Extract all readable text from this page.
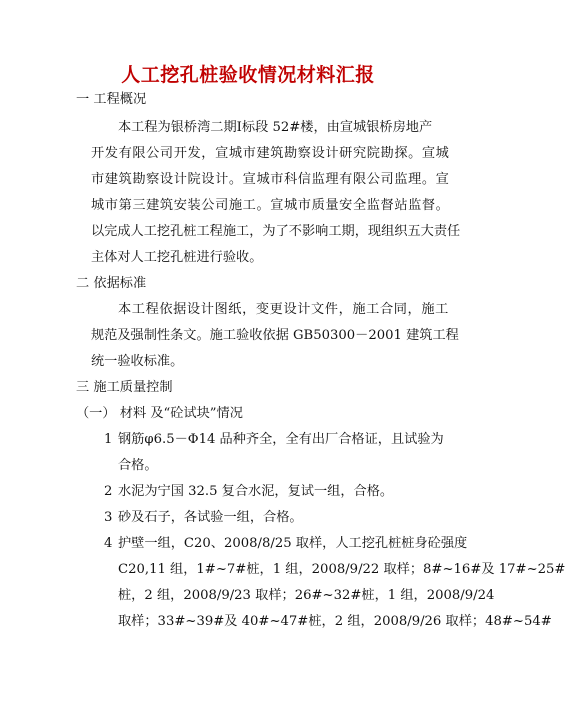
人工挖孔桩验收情况材料汇报
一 工程概况
本工程为银桥湾二期Ⅰ标段 52#楼，由宣城银桥房地产
开发有限公司开发，宣城市建筑勘察设计研究院勘探。宣城
市建筑勘察设计院设计。宣城市科信监理有限公司监理。宣
城市第三建筑安装公司施工。宣城市质量安全监督站监督。
以完成人工挖孔桩工程施工，为了不影响工期，现组织五大责任
主体对人工挖孔桩进行验收。
二 依据标准
本工程依据设计图纸，变更设计文件，施工合同，施工
规范及强制性条文。施工验收依据 GB50300－2001 建筑工程
统一验收标准。
三 施工质量控制
（一） 材料 及“砼试块”情况
1 钢筋φ6.5－Φ14 品种齐全，全有出厂合格证，且试验为
合格。
2 水泥为宁国 32.5 复合水泥，复试一组，合格。
3 砂及石子，各试验一组，合格。
4 护壁一组，C20、2008/8/25 取样，人工挖孔桩桩身砼强度
C20,11 组，1#~7#桩，1 组，2008/9/22 取样；8#~16#及 17#~25#
桩，2 组，2008/9/23 取样；26#~32#桩，1 组，2008/9/24
取样；33#~39#及 40#~47#桩，2 组，2008/9/26 取样；48#~54#
